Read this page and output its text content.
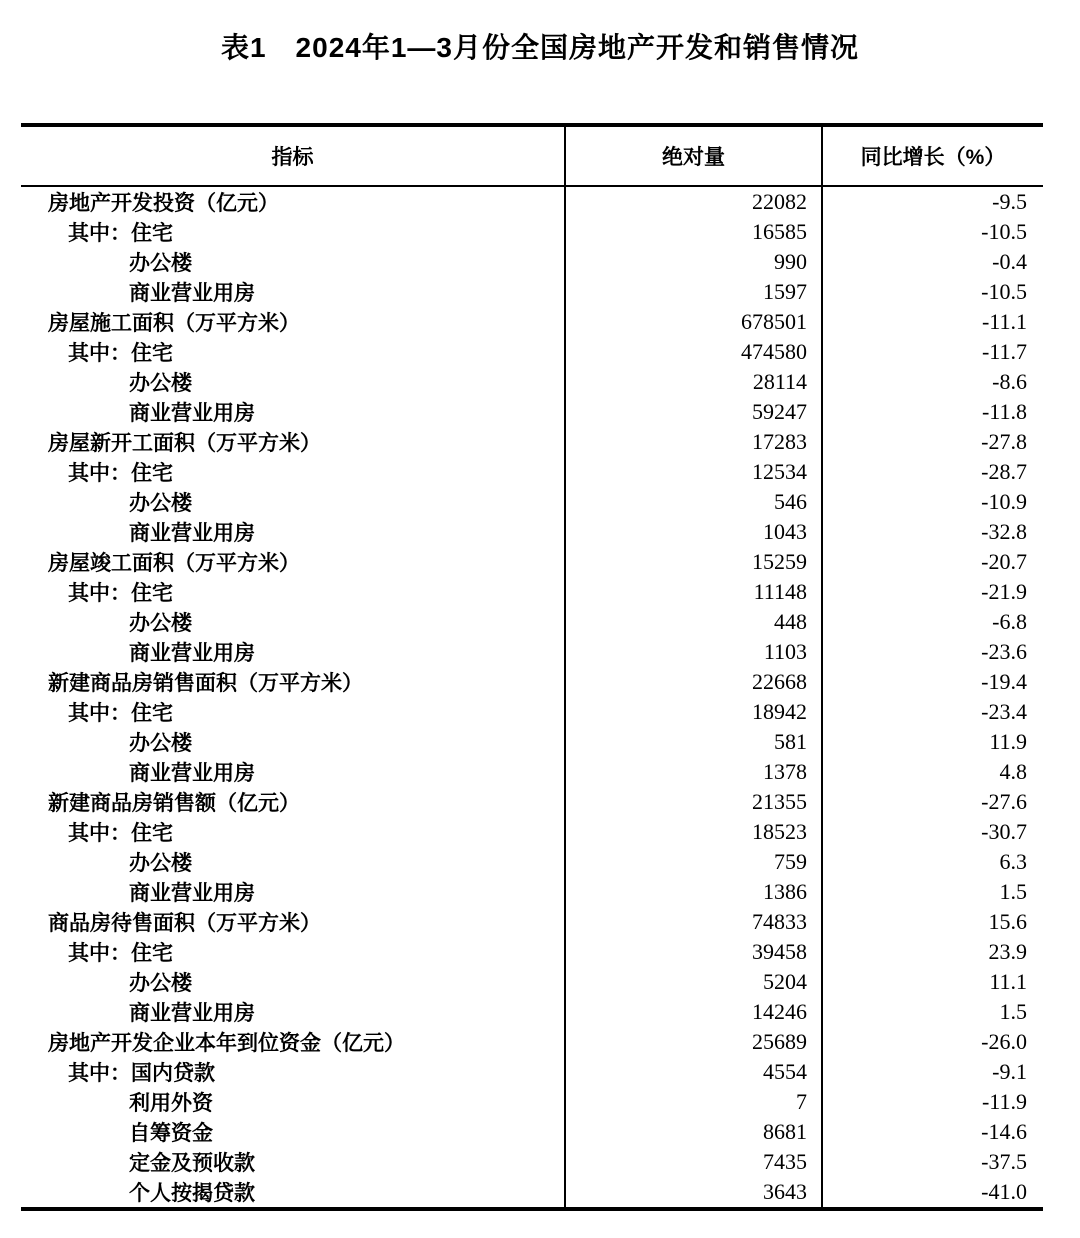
表1　2024年1—3月份全国房地产开发和销售情况
指标	绝对量	同比增长（%）
房地产开发投资（亿元）	22082	-9.5
其中：住宅	16585	-10.5
办公楼	990	-0.4
商业营业用房	1597	-10.5
房屋施工面积（万平方米）	678501	-11.1
其中：住宅	474580	-11.7
办公楼	28114	-8.6
商业营业用房	59247	-11.8
房屋新开工面积（万平方米）	17283	-27.8
其中：住宅	12534	-28.7
办公楼	546	-10.9
商业营业用房	1043	-32.8
房屋竣工面积（万平方米）	15259	-20.7
其中：住宅	11148	-21.9
办公楼	448	-6.8
商业营业用房	1103	-23.6
新建商品房销售面积（万平方米）	22668	-19.4
其中：住宅	18942	-23.4
办公楼	581	11.9
商业营业用房	1378	4.8
新建商品房销售额（亿元）	21355	-27.6
其中：住宅	18523	-30.7
办公楼	759	6.3
商业营业用房	1386	1.5
商品房待售面积（万平方米）	74833	15.6
其中：住宅	39458	23.9
办公楼	5204	11.1
商业营业用房	14246	1.5
房地产开发企业本年到位资金（亿元）	25689	-26.0
其中：国内贷款	4554	-9.1
利用外资	7	-11.9
自筹资金	8681	-14.6
定金及预收款	7435	-37.5
个人按揭贷款	3643	-41.0
